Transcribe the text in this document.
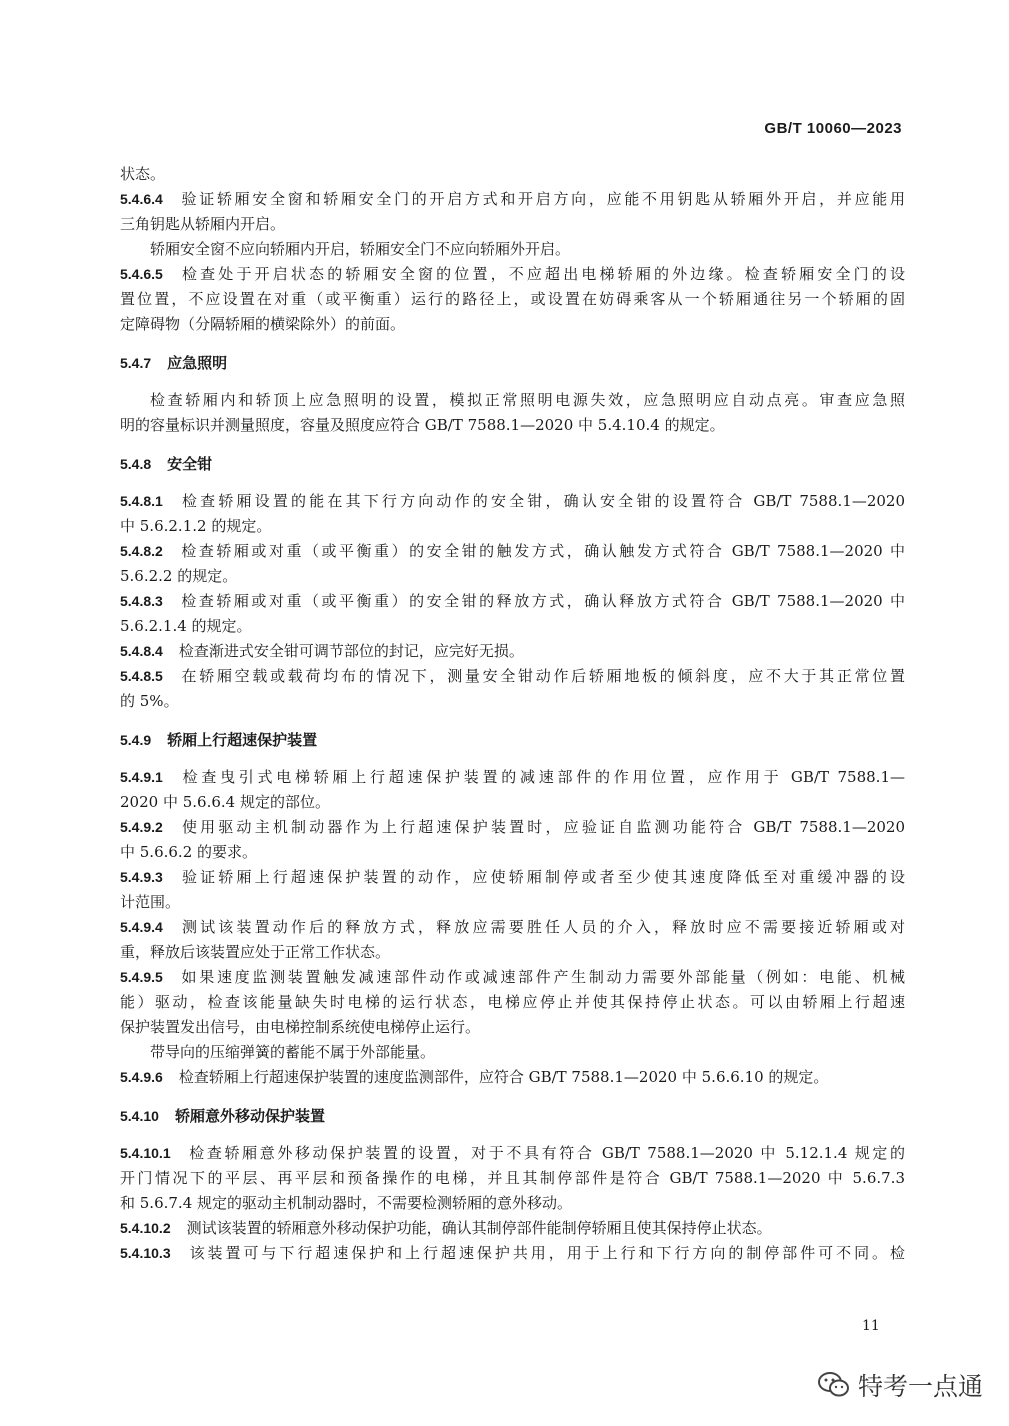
GB/T 10060—2023
状态。
5.4.6.4 验证轿厢安全窗和轿厢安全门的开启方式和开启方向，应能不用钥匙从轿厢外开启，并应能用
三角钥匙从轿厢内开启。
轿厢安全窗不应向轿厢内开启，轿厢安全门不应向轿厢外开启。
5.4.6.5 检查处于开启状态的轿厢安全窗的位置，不应超出电梯轿厢的外边缘。检查轿厢安全门的设
置位置，不应设置在对重（或平衡重）运行的路径上，或设置在妨碍乘客从一个轿厢通往另一个轿厢的固
定障碍物（分隔轿厢的横梁除外）的前面。
5.4.7 应急照明
检查轿厢内和轿顶上应急照明的设置，模拟正常照明电源失效，应急照明应自动点亮。审查应急照
明的容量标识并测量照度，容量及照度应符合 GB/T 7588.1—2020 中 5.4.10.4 的规定。
5.4.8 安全钳
5.4.8.1 检查轿厢设置的能在其下行方向动作的安全钳，确认安全钳的设置符合 GB/T 7588.1—2020
中 5.6.2.1.2 的规定。
5.4.8.2 检查轿厢或对重（或平衡重）的安全钳的触发方式，确认触发方式符合 GB/T 7588.1—2020 中
5.6.2.2 的规定。
5.4.8.3 检查轿厢或对重（或平衡重）的安全钳的释放方式，确认释放方式符合 GB/T 7588.1—2020 中
5.6.2.1.4 的规定。
5.4.8.4 检查渐进式安全钳可调节部位的封记，应完好无损。
5.4.8.5 在轿厢空载或载荷均布的情况下，测量安全钳动作后轿厢地板的倾斜度，应不大于其正常位置
的 5%。
5.4.9 轿厢上行超速保护装置
5.4.9.1 检查曳引式电梯轿厢上行超速保护装置的减速部件的作用位置，应作用于 GB/T 7588.1—
2020 中 5.6.6.4 规定的部位。
5.4.9.2 使用驱动主机制动器作为上行超速保护装置时，应验证自监测功能符合 GB/T 7588.1—2020
中 5.6.6.2 的要求。
5.4.9.3 验证轿厢上行超速保护装置的动作，应使轿厢制停或者至少使其速度降低至对重缓冲器的设
计范围。
5.4.9.4 测试该装置动作后的释放方式，释放应需要胜任人员的介入，释放时应不需要接近轿厢或对
重，释放后该装置应处于正常工作状态。
5.4.9.5 如果速度监测装置触发减速部件动作或减速部件产生制动力需要外部能量（例如：电能、机械
能）驱动，检查该能量缺失时电梯的运行状态，电梯应停止并使其保持停止状态。可以由轿厢上行超速
保护装置发出信号，由电梯控制系统使电梯停止运行。
带导向的压缩弹簧的蓄能不属于外部能量。
5.4.9.6 检查轿厢上行超速保护装置的速度监测部件，应符合 GB/T 7588.1—2020 中 5.6.6.10 的规定。
5.4.10 轿厢意外移动保护装置
5.4.10.1 检查轿厢意外移动保护装置的设置，对于不具有符合 GB/T 7588.1—2020 中 5.12.1.4 规定的
开门情况下的平层、再平层和预备操作的电梯，并且其制停部件是符合 GB/T 7588.1—2020 中 5.6.7.3
和 5.6.7.4 规定的驱动主机制动器时，不需要检测轿厢的意外移动。
5.4.10.2 测试该装置的轿厢意外移动保护功能，确认其制停部件能制停轿厢且使其保持停止状态。
5.4.10.3 该装置可与下行超速保护和上行超速保护共用，用于上行和下行方向的制停部件可不同。检
11
特考一点通
